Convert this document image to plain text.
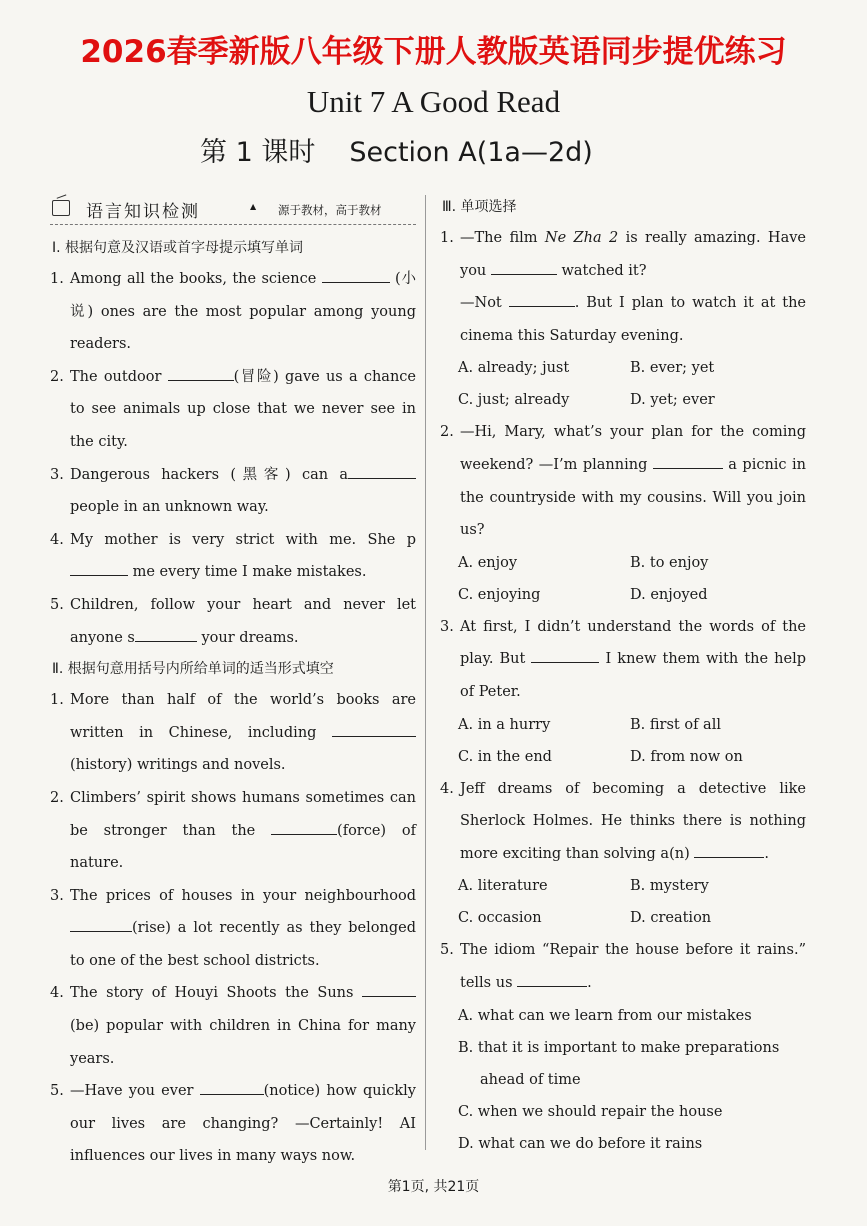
2026春季新版八年级下册人教版英语同步提优练习
Unit 7 A Good Read
第 1 课时 Section A(1a—2d)
语言知识检测	▲ 源于教材，高于教材
Ⅰ. 根据句意及汉语或首字母提示填写单词
1. Among all the books, the science	(小说) ones are the most popular among young readers.
2. The outdoor	(冒险) gave us a chance to see animals up close that we never see in the city.
3. Dangerous hackers (黑客) can a people in an unknown way.
4. My mother is very strict with me. She p me every time I make mistakes.
5. Children, follow your heart and never let anyone s	your dreams.
Ⅱ. 根据句意用括号内所给单词的适当形式填空
1. More than half of the world’s books are written in Chinese, including  (history) writings and novels.
2. Climbers’ spirit shows humans sometimes can be stronger than the	(force) of nature.
3. The prices of houses in your neighbourhood (rise) a lot recently as they belonged to one of the best school districts.
4. The story of Houyi Shoots the Suns  (be) popular with children in China for many years.
5. —Have you ever	(notice) how quickly our lives are changing? —Certainly! AI influences our lives in many ways now.
Ⅲ. 单项选择
1. —The film Ne Zha 2 is really amazing. Have you	watched it?
—Not	. But I plan to watch it at the cinema this Saturday evening.
A. already; just	B. ever; yet
C. just; already	D. yet; ever
2. —Hi, Mary, what’s your plan for the coming weekend? —I’m planning	a picnic in the countryside with my cousins. Will you join us?
A. enjoy	B. to enjoy
C. enjoying	D. enjoyed
3. At first, I didn’t understand the words of the play. But	I knew them with the help of Peter.
A. in a hurry	B. first of all
C. in the end	D. from now on
4. Jeff dreams of becoming a detective like Sherlock Holmes. He thinks there is nothing more exciting than solving a(n)	.
A. literature	B. mystery
C. occasion	D. creation
5. The idiom “Repair the house before it rains.” tells us	.
A. what can we learn from our mistakes
B. that it is important to make preparations ahead of time
C. when we should repair the house
D. what can we do before it rains
第1页, 共21页
